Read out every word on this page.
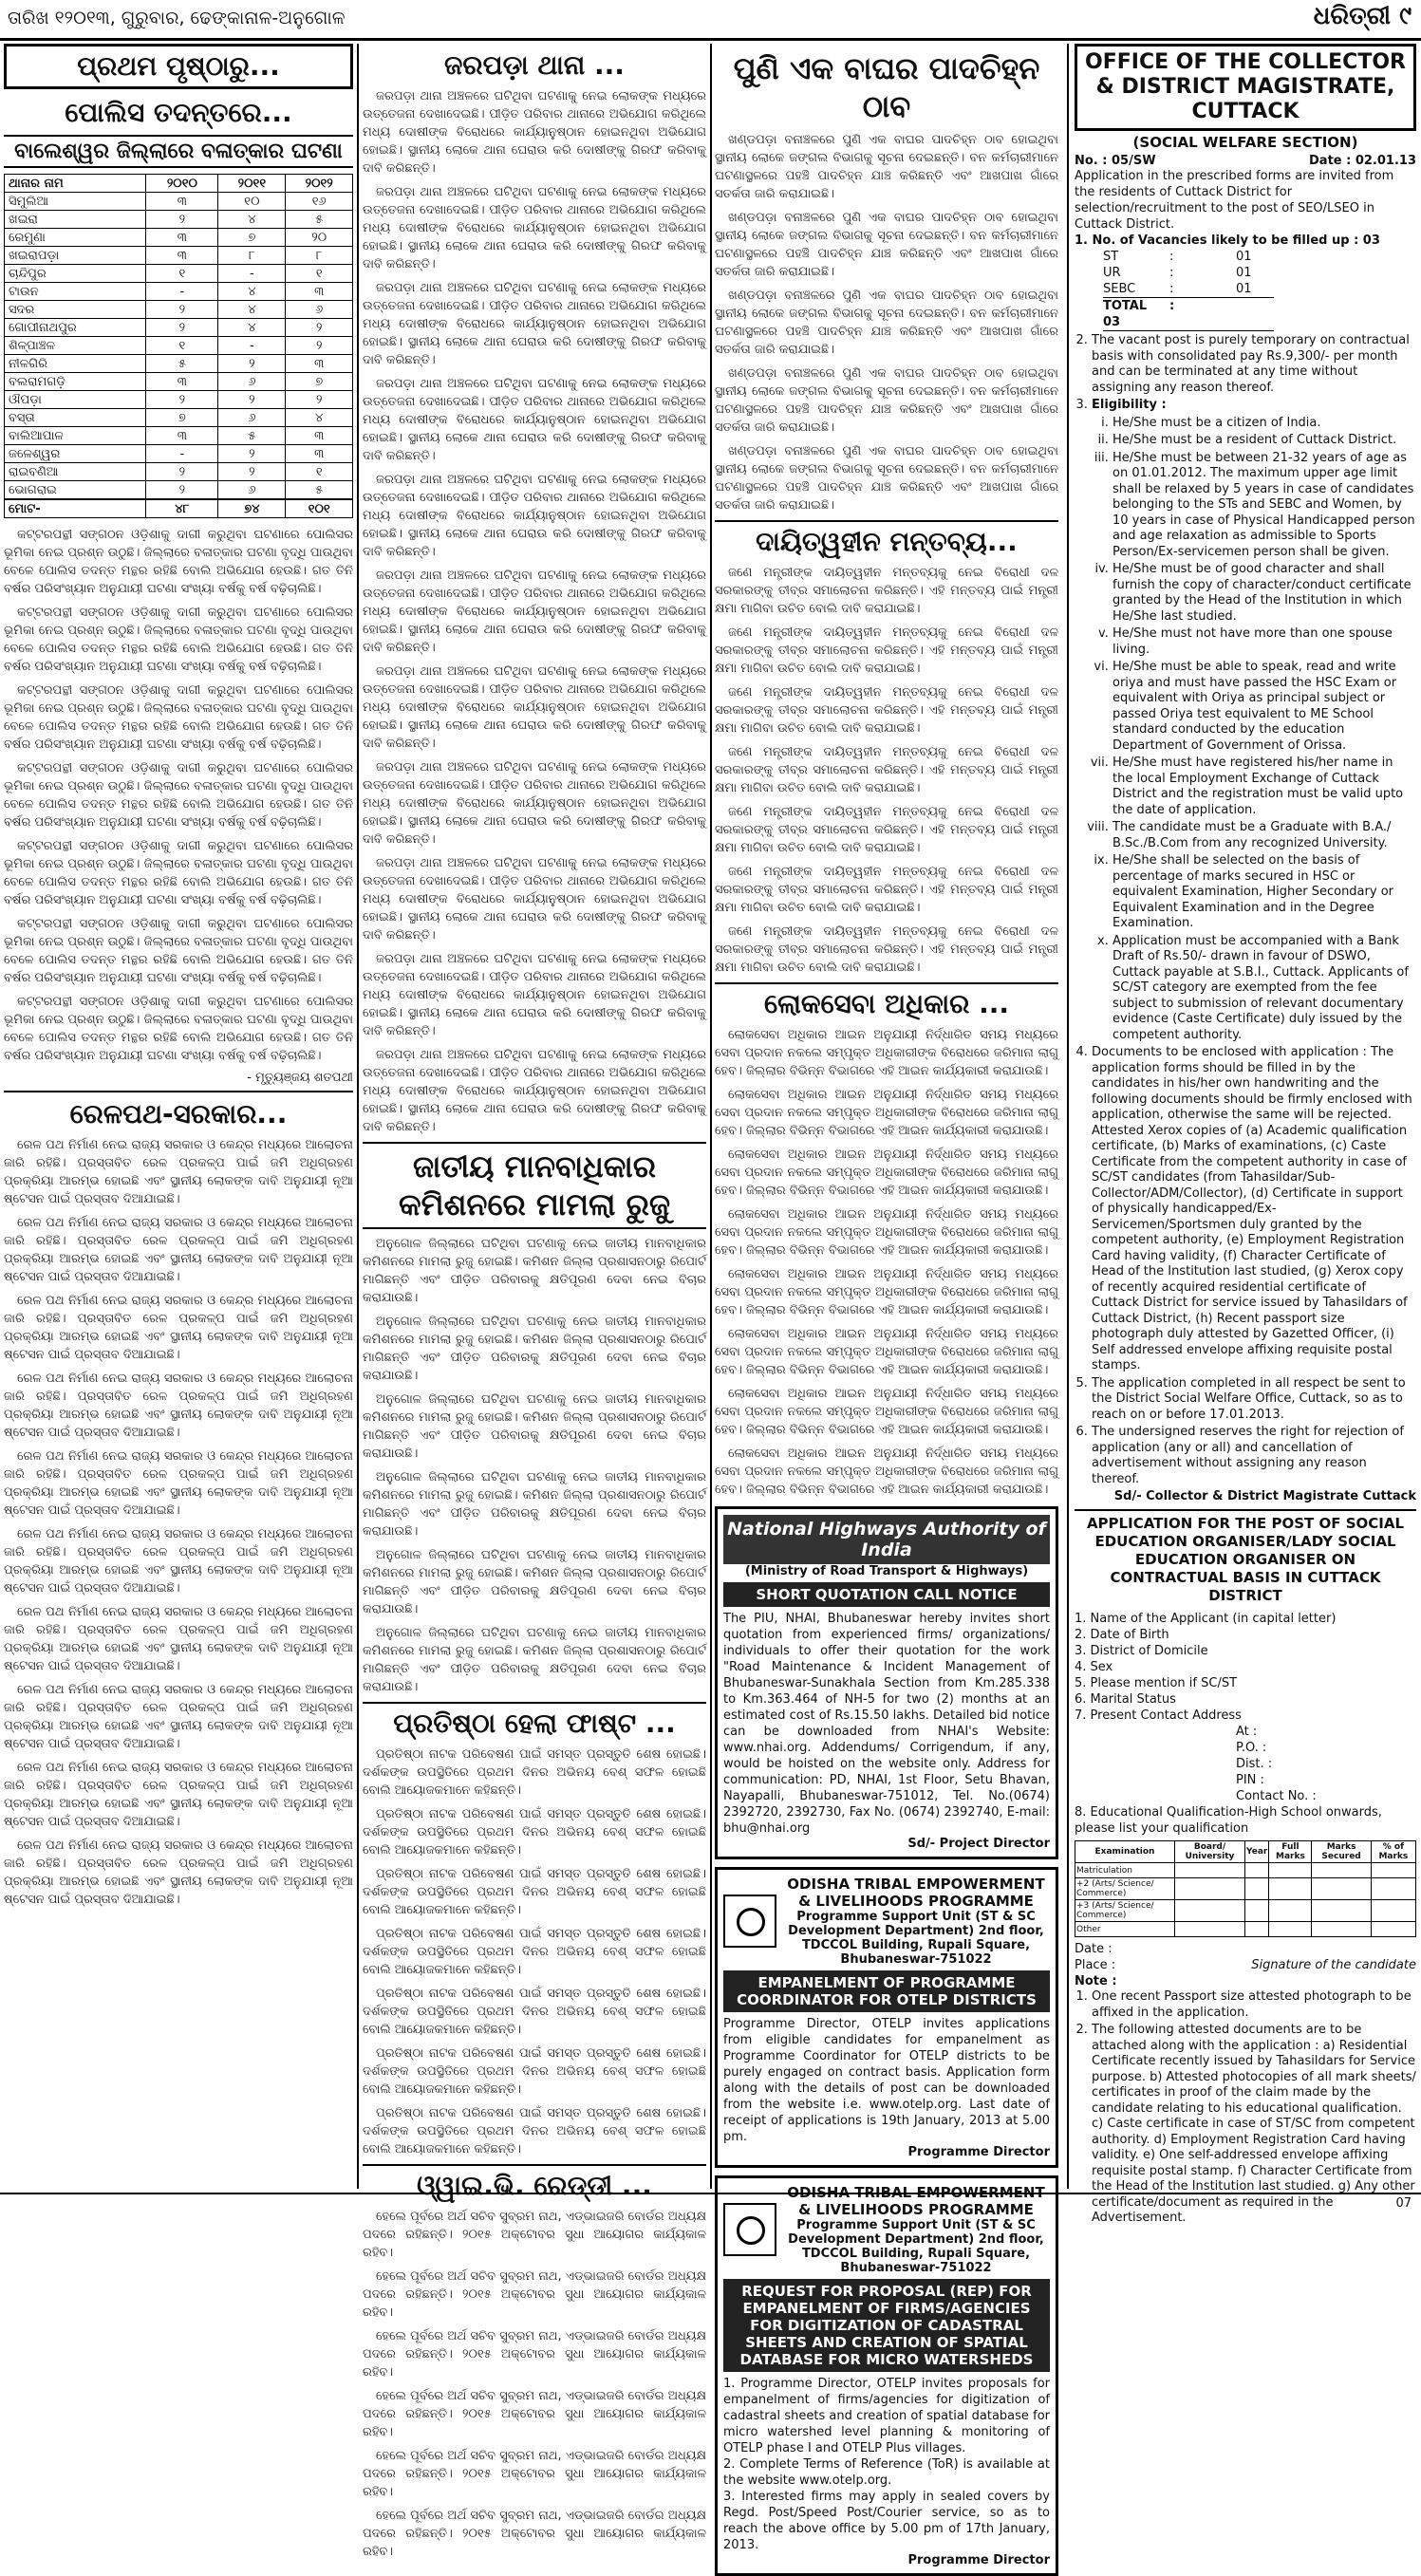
ତାରିଖ ୧୨୦୧୩, ଗୁରୁବାର, ଢେଙ୍କାନାଳ-ଅନୁଗୋଳ	ଧରିତ୍ରୀ ୯
ପ୍ରଥମ ପୃଷ୍ଠାରୁ...
ପୋଲିସ ତଦନ୍ତରେ...
ବାଲେଶ୍ୱର ଜିଲ୍ଲାରେ ବଳାତ୍କାର ଘଟଣା
ଥାନାର ନାମ	୨୦୧୦	୨୦୧୧	୨୦୧୨
ସିମୁଲିଆ	୩	୧୦	୧୬
ଖଇରା	୨	୪	୫
ରେମୁଣା	୩	୭	୨୦
ଖଇରାପଡ଼ା	୩	୮	୮
ଚାନ୍ଦିପୁର	୧	-	୧
ଟାଉନ	-	୪	୩
ସଦର	୨	୪	୬
ଗୋପୀନାଥପୁର	୨	୪	୨
ଶିଳ୍ପାଞ୍ଚଳ	୧	-	୨
ନୀଳଗିରି	୫	୨	୩
ବଲରାମଗଡ଼ି	୩	୬	୭
ଔପଡ଼ା	୨	୨	୨
ବସ୍ତା	୭	୬	୪
ବାଲିଆପାଳ	୩	୫	୩
ଜଳେଶ୍ୱର	-	୨	୩
ରାଇବଣିଆ	୨	୨	୧
ଭୋଗରାଇ	୨	୬	୫
ମୋଟ-	୪୮	୭୪	୧୦୧

କଟ୍ଟରପନ୍ଥୀ ସଙ୍ଗଠନ ଓଡ଼ିଶାକୁ ଦାଗୀ କରୁଥିବା ଘଟଣାରେ ପୋଲିସର ଭୂମିକା ନେଇ ପ୍ରଶ୍ନ ଉଠୁଛି। ଜିଲ୍ଲାରେ ବଳାତ୍କାର ଘଟଣା ବୃଦ୍ଧି ପାଉଥିବା ବେଳେ ପୋଲିସ ତଦନ୍ତ ମନ୍ଥର ରହିଛି ବୋଲି ଅଭିଯୋଗ ହେଉଛି। ଗତ ତିନି ବର୍ଷର ପରିସଂଖ୍ୟାନ ଅନୁଯାୟୀ ଘଟଣା ସଂଖ୍ୟା ବର୍ଷକୁ ବର୍ଷ ବଢ଼ିଚାଲିଛି।

କଟ୍ଟରପନ୍ଥୀ ସଙ୍ଗଠନ ଓଡ଼ିଶାକୁ ଦାଗୀ କରୁଥିବା ଘଟଣାରେ ପୋଲିସର ଭୂମିକା ନେଇ ପ୍ରଶ୍ନ ଉଠୁଛି। ଜିଲ୍ଲାରେ ବଳାତ୍କାର ଘଟଣା ବୃଦ୍ଧି ପାଉଥିବା ବେଳେ ପୋଲିସ ତଦନ୍ତ ମନ୍ଥର ରହିଛି ବୋଲି ଅଭିଯୋଗ ହେଉଛି। ଗତ ତିନି ବର୍ଷର ପରିସଂଖ୍ୟାନ ଅନୁଯାୟୀ ଘଟଣା ସଂଖ୍ୟା ବର୍ଷକୁ ବର୍ଷ ବଢ଼ିଚାଲିଛି।

କଟ୍ଟରପନ୍ଥୀ ସଙ୍ଗଠନ ଓଡ଼ିଶାକୁ ଦାଗୀ କରୁଥିବା ଘଟଣାରେ ପୋଲିସର ଭୂମିକା ନେଇ ପ୍ରଶ୍ନ ଉଠୁଛି। ଜିଲ୍ଲାରେ ବଳାତ୍କାର ଘଟଣା ବୃଦ୍ଧି ପାଉଥିବା ବେଳେ ପୋଲିସ ତଦନ୍ତ ମନ୍ଥର ରହିଛି ବୋଲି ଅଭିଯୋଗ ହେଉଛି। ଗତ ତିନି ବର୍ଷର ପରିସଂଖ୍ୟାନ ଅନୁଯାୟୀ ଘଟଣା ସଂଖ୍ୟା ବର୍ଷକୁ ବର୍ଷ ବଢ଼ିଚାଲିଛି।

କଟ୍ଟରପନ୍ଥୀ ସଙ୍ଗଠନ ଓଡ଼ିଶାକୁ ଦାଗୀ କରୁଥିବା ଘଟଣାରେ ପୋଲିସର ଭୂମିକା ନେଇ ପ୍ରଶ୍ନ ଉଠୁଛି। ଜିଲ୍ଲାରେ ବଳାତ୍କାର ଘଟଣା ବୃଦ୍ଧି ପାଉଥିବା ବେଳେ ପୋଲିସ ତଦନ୍ତ ମନ୍ଥର ରହିଛି ବୋଲି ଅଭିଯୋଗ ହେଉଛି। ଗତ ତିନି ବର୍ଷର ପରିସଂଖ୍ୟାନ ଅନୁଯାୟୀ ଘଟଣା ସଂଖ୍ୟା ବର୍ଷକୁ ବର୍ଷ ବଢ଼ିଚାଲିଛି।

କଟ୍ଟରପନ୍ଥୀ ସଙ୍ଗଠନ ଓଡ଼ିଶାକୁ ଦାଗୀ କରୁଥିବା ଘଟଣାରେ ପୋଲିସର ଭୂମିକା ନେଇ ପ୍ରଶ୍ନ ଉଠୁଛି। ଜିଲ୍ଲାରେ ବଳାତ୍କାର ଘଟଣା ବୃଦ୍ଧି ପାଉଥିବା ବେଳେ ପୋଲିସ ତଦନ୍ତ ମନ୍ଥର ରହିଛି ବୋଲି ଅଭିଯୋଗ ହେଉଛି। ଗତ ତିନି ବର୍ଷର ପରିସଂଖ୍ୟାନ ଅନୁଯାୟୀ ଘଟଣା ସଂଖ୍ୟା ବର୍ଷକୁ ବର୍ଷ ବଢ଼ିଚାଲିଛି।

କଟ୍ଟରପନ୍ଥୀ ସଙ୍ଗଠନ ଓଡ଼ିଶାକୁ ଦାଗୀ କରୁଥିବା ଘଟଣାରେ ପୋଲିସର ଭୂମିକା ନେଇ ପ୍ରଶ୍ନ ଉଠୁଛି। ଜିଲ୍ଲାରେ ବଳାତ୍କାର ଘଟଣା ବୃଦ୍ଧି ପାଉଥିବା ବେଳେ ପୋଲିସ ତଦନ୍ତ ମନ୍ଥର ରହିଛି ବୋଲି ଅଭିଯୋଗ ହେଉଛି। ଗତ ତିନି ବର୍ଷର ପରିସଂଖ୍ୟାନ ଅନୁଯାୟୀ ଘଟଣା ସଂଖ୍ୟା ବର୍ଷକୁ ବର୍ଷ ବଢ଼ିଚାଲିଛି।

କଟ୍ଟରପନ୍ଥୀ ସଙ୍ଗଠନ ଓଡ଼ିଶାକୁ ଦାଗୀ କରୁଥିବା ଘଟଣାରେ ପୋଲିସର ଭୂମିକା ନେଇ ପ୍ରଶ୍ନ ଉଠୁଛି। ଜିଲ୍ଲାରେ ବଳାତ୍କାର ଘଟଣା ବୃଦ୍ଧି ପାଉଥିବା ବେଳେ ପୋଲିସ ତଦନ୍ତ ମନ୍ଥର ରହିଛି ବୋଲି ଅଭିଯୋଗ ହେଉଛି। ଗତ ତିନି ବର୍ଷର ପରିସଂଖ୍ୟାନ ଅନୁଯାୟୀ ଘଟଣା ସଂଖ୍ୟା ବର୍ଷକୁ ବର୍ଷ ବଢ଼ିଚାଲିଛି।

- ମୃତ୍ୟୁଞ୍ଜୟ ଶତପଥୀ
ରେଳପଥ-ସରକାର...

ରେଳ ପଥ ନିର୍ମାଣ ନେଇ ରାଜ୍ୟ ସରକାର ଓ କେନ୍ଦ୍ର ମଧ୍ୟରେ ଆଲୋଚନା ଜାରି ରହିଛି। ପ୍ରସ୍ତାବିତ ରେଳ ପ୍ରକଳ୍ପ ପାଇଁ ଜମି ଅଧିଗ୍ରହଣ ପ୍ରକ୍ରିୟା ଆରମ୍ଭ ହୋଇଛି ଏବଂ ସ୍ଥାନୀୟ ଲୋକଙ୍କ ଦାବି ଅନୁଯାୟୀ ନୂଆ ଷ୍ଟେସନ ପାଇଁ ପ୍ରସ୍ତାବ ଦିଆଯାଇଛି।

ରେଳ ପଥ ନିର୍ମାଣ ନେଇ ରାଜ୍ୟ ସରକାର ଓ କେନ୍ଦ୍ର ମଧ୍ୟରେ ଆଲୋଚନା ଜାରି ରହିଛି। ପ୍ରସ୍ତାବିତ ରେଳ ପ୍ରକଳ୍ପ ପାଇଁ ଜମି ଅଧିଗ୍ରହଣ ପ୍ରକ୍ରିୟା ଆରମ୍ଭ ହୋଇଛି ଏବଂ ସ୍ଥାନୀୟ ଲୋକଙ୍କ ଦାବି ଅନୁଯାୟୀ ନୂଆ ଷ୍ଟେସନ ପାଇଁ ପ୍ରସ୍ତାବ ଦିଆଯାଇଛି।

ରେଳ ପଥ ନିର୍ମାଣ ନେଇ ରାଜ୍ୟ ସରକାର ଓ କେନ୍ଦ୍ର ମଧ୍ୟରେ ଆଲୋଚନା ଜାରି ରହିଛି। ପ୍ରସ୍ତାବିତ ରେଳ ପ୍ରକଳ୍ପ ପାଇଁ ଜମି ଅଧିଗ୍ରହଣ ପ୍ରକ୍ରିୟା ଆରମ୍ଭ ହୋଇଛି ଏବଂ ସ୍ଥାନୀୟ ଲୋକଙ୍କ ଦାବି ଅନୁଯାୟୀ ନୂଆ ଷ୍ଟେସନ ପାଇଁ ପ୍ରସ୍ତାବ ଦିଆଯାଇଛି।

ରେଳ ପଥ ନିର୍ମାଣ ନେଇ ରାଜ୍ୟ ସରକାର ଓ କେନ୍ଦ୍ର ମଧ୍ୟରେ ଆଲୋଚନା ଜାରି ରହିଛି। ପ୍ରସ୍ତାବିତ ରେଳ ପ୍ରକଳ୍ପ ପାଇଁ ଜମି ଅଧିଗ୍ରହଣ ପ୍ରକ୍ରିୟା ଆରମ୍ଭ ହୋଇଛି ଏବଂ ସ୍ଥାନୀୟ ଲୋକଙ୍କ ଦାବି ଅନୁଯାୟୀ ନୂଆ ଷ୍ଟେସନ ପାଇଁ ପ୍ରସ୍ତାବ ଦିଆଯାଇଛି।

ରେଳ ପଥ ନିର୍ମାଣ ନେଇ ରାଜ୍ୟ ସରକାର ଓ କେନ୍ଦ୍ର ମଧ୍ୟରେ ଆଲୋଚନା ଜାରି ରହିଛି। ପ୍ରସ୍ତାବିତ ରେଳ ପ୍ରକଳ୍ପ ପାଇଁ ଜମି ଅଧିଗ୍ରହଣ ପ୍ରକ୍ରିୟା ଆରମ୍ଭ ହୋଇଛି ଏବଂ ସ୍ଥାନୀୟ ଲୋକଙ୍କ ଦାବି ଅନୁଯାୟୀ ନୂଆ ଷ୍ଟେସନ ପାଇଁ ପ୍ରସ୍ତାବ ଦିଆଯାଇଛି।

ରେଳ ପଥ ନିର୍ମାଣ ନେଇ ରାଜ୍ୟ ସରକାର ଓ କେନ୍ଦ୍ର ମଧ୍ୟରେ ଆଲୋଚନା ଜାରି ରହିଛି। ପ୍ରସ୍ତାବିତ ରେଳ ପ୍ରକଳ୍ପ ପାଇଁ ଜମି ଅଧିଗ୍ରହଣ ପ୍ରକ୍ରିୟା ଆରମ୍ଭ ହୋଇଛି ଏବଂ ସ୍ଥାନୀୟ ଲୋକଙ୍କ ଦାବି ଅନୁଯାୟୀ ନୂଆ ଷ୍ଟେସନ ପାଇଁ ପ୍ରସ୍ତାବ ଦିଆଯାଇଛି।

ରେଳ ପଥ ନିର୍ମାଣ ନେଇ ରାଜ୍ୟ ସରକାର ଓ କେନ୍ଦ୍ର ମଧ୍ୟରେ ଆଲୋଚନା ଜାରି ରହିଛି। ପ୍ରସ୍ତାବିତ ରେଳ ପ୍ରକଳ୍ପ ପାଇଁ ଜମି ଅଧିଗ୍ରହଣ ପ୍ରକ୍ରିୟା ଆରମ୍ଭ ହୋଇଛି ଏବଂ ସ୍ଥାନୀୟ ଲୋକଙ୍କ ଦାବି ଅନୁଯାୟୀ ନୂଆ ଷ୍ଟେସନ ପାଇଁ ପ୍ରସ୍ତାବ ଦିଆଯାଇଛି।

ରେଳ ପଥ ନିର୍ମାଣ ନେଇ ରାଜ୍ୟ ସରକାର ଓ କେନ୍ଦ୍ର ମଧ୍ୟରେ ଆଲୋଚନା ଜାରି ରହିଛି। ପ୍ରସ୍ତାବିତ ରେଳ ପ୍ରକଳ୍ପ ପାଇଁ ଜମି ଅଧିଗ୍ରହଣ ପ୍ରକ୍ରିୟା ଆରମ୍ଭ ହୋଇଛି ଏବଂ ସ୍ଥାନୀୟ ଲୋକଙ୍କ ଦାବି ଅନୁଯାୟୀ ନୂଆ ଷ୍ଟେସନ ପାଇଁ ପ୍ରସ୍ତାବ ଦିଆଯାଇଛି।

ରେଳ ପଥ ନିର୍ମାଣ ନେଇ ରାଜ୍ୟ ସରକାର ଓ କେନ୍ଦ୍ର ମଧ୍ୟରେ ଆଲୋଚନା ଜାରି ରହିଛି। ପ୍ରସ୍ତାବିତ ରେଳ ପ୍ରକଳ୍ପ ପାଇଁ ଜମି ଅଧିଗ୍ରହଣ ପ୍ରକ୍ରିୟା ଆରମ୍ଭ ହୋଇଛି ଏବଂ ସ୍ଥାନୀୟ ଲୋକଙ୍କ ଦାବି ଅନୁଯାୟୀ ନୂଆ ଷ୍ଟେସନ ପାଇଁ ପ୍ରସ୍ତାବ ଦିଆଯାଇଛି।

ରେଳ ପଥ ନିର୍ମାଣ ନେଇ ରାଜ୍ୟ ସରକାର ଓ କେନ୍ଦ୍ର ମଧ୍ୟରେ ଆଲୋଚନା ଜାରି ରହିଛି। ପ୍ରସ୍ତାବିତ ରେଳ ପ୍ରକଳ୍ପ ପାଇଁ ଜମି ଅଧିଗ୍ରହଣ ପ୍ରକ୍ରିୟା ଆରମ୍ଭ ହୋଇଛି ଏବଂ ସ୍ଥାନୀୟ ଲୋକଙ୍କ ଦାବି ଅନୁଯାୟୀ ନୂଆ ଷ୍ଟେସନ ପାଇଁ ପ୍ରସ୍ତାବ ଦିଆଯାଇଛି।

ଜରପଡ଼ା ଥାନା ...

ଜରପଡ଼ା ଥାନା ଅଞ୍ଚଳରେ ଘଟିଥିବା ଘଟଣାକୁ ନେଇ ଲୋକଙ୍କ ମଧ୍ୟରେ ଉତ୍ତେଜନା ଦେଖାଦେଇଛି। ପୀଡ଼ିତ ପରିବାର ଥାନାରେ ଅଭିଯୋଗ କରିଥିଲେ ମଧ୍ୟ ଦୋଷୀଙ୍କ ବିରୋଧରେ କାର୍ଯ୍ୟାନୁଷ୍ଠାନ ହୋଇନଥିବା ଅଭିଯୋଗ ହୋଇଛି। ସ୍ଥାନୀୟ ଲୋକେ ଥାନା ଘେରାଉ କରି ଦୋଷୀଙ୍କୁ ଗିରଫ କରିବାକୁ ଦାବି କରିଛନ୍ତି।

ଜରପଡ଼ା ଥାନା ଅଞ୍ଚଳରେ ଘଟିଥିବା ଘଟଣାକୁ ନେଇ ଲୋକଙ୍କ ମଧ୍ୟରେ ଉତ୍ତେଜନା ଦେଖାଦେଇଛି। ପୀଡ଼ିତ ପରିବାର ଥାନାରେ ଅଭିଯୋଗ କରିଥିଲେ ମଧ୍ୟ ଦୋଷୀଙ୍କ ବିରୋଧରେ କାର୍ଯ୍ୟାନୁଷ୍ଠାନ ହୋଇନଥିବା ଅଭିଯୋଗ ହୋଇଛି। ସ୍ଥାନୀୟ ଲୋକେ ଥାନା ଘେରାଉ କରି ଦୋଷୀଙ୍କୁ ଗିରଫ କରିବାକୁ ଦାବି କରିଛନ୍ତି।

ଜରପଡ଼ା ଥାନା ଅଞ୍ଚଳରେ ଘଟିଥିବା ଘଟଣାକୁ ନେଇ ଲୋକଙ୍କ ମଧ୍ୟରେ ଉତ୍ତେଜନା ଦେଖାଦେଇଛି। ପୀଡ଼ିତ ପରିବାର ଥାନାରେ ଅଭିଯୋଗ କରିଥିଲେ ମଧ୍ୟ ଦୋଷୀଙ୍କ ବିରୋଧରେ କାର୍ଯ୍ୟାନୁଷ୍ଠାନ ହୋଇନଥିବା ଅଭିଯୋଗ ହୋଇଛି। ସ୍ଥାନୀୟ ଲୋକେ ଥାନା ଘେରାଉ କରି ଦୋଷୀଙ୍କୁ ଗିରଫ କରିବାକୁ ଦାବି କରିଛନ୍ତି।

ଜରପଡ଼ା ଥାନା ଅଞ୍ଚଳରେ ଘଟିଥିବା ଘଟଣାକୁ ନେଇ ଲୋକଙ୍କ ମଧ୍ୟରେ ଉତ୍ତେଜନା ଦେଖାଦେଇଛି। ପୀଡ଼ିତ ପରିବାର ଥାନାରେ ଅଭିଯୋଗ କରିଥିଲେ ମଧ୍ୟ ଦୋଷୀଙ୍କ ବିରୋଧରେ କାର୍ଯ୍ୟାନୁଷ୍ଠାନ ହୋଇନଥିବା ଅଭିଯୋଗ ହୋଇଛି। ସ୍ଥାନୀୟ ଲୋକେ ଥାନା ଘେରାଉ କରି ଦୋଷୀଙ୍କୁ ଗିରଫ କରିବାକୁ ଦାବି କରିଛନ୍ତି।

ଜରପଡ଼ା ଥାନା ଅଞ୍ଚଳରେ ଘଟିଥିବା ଘଟଣାକୁ ନେଇ ଲୋକଙ୍କ ମଧ୍ୟରେ ଉତ୍ତେଜନା ଦେଖାଦେଇଛି। ପୀଡ଼ିତ ପରିବାର ଥାନାରେ ଅଭିଯୋଗ କରିଥିଲେ ମଧ୍ୟ ଦୋଷୀଙ୍କ ବିରୋଧରେ କାର୍ଯ୍ୟାନୁଷ୍ଠାନ ହୋଇନଥିବା ଅଭିଯୋଗ ହୋଇଛି। ସ୍ଥାନୀୟ ଲୋକେ ଥାନା ଘେରାଉ କରି ଦୋଷୀଙ୍କୁ ଗିରଫ କରିବାକୁ ଦାବି କରିଛନ୍ତି।

ଜରପଡ଼ା ଥାନା ଅଞ୍ଚଳରେ ଘଟିଥିବା ଘଟଣାକୁ ନେଇ ଲୋକଙ୍କ ମଧ୍ୟରେ ଉତ୍ତେଜନା ଦେଖାଦେଇଛି। ପୀଡ଼ିତ ପରିବାର ଥାନାରେ ଅଭିଯୋଗ କରିଥିଲେ ମଧ୍ୟ ଦୋଷୀଙ୍କ ବିରୋଧରେ କାର୍ଯ୍ୟାନୁଷ୍ଠାନ ହୋଇନଥିବା ଅଭିଯୋଗ ହୋଇଛି। ସ୍ଥାନୀୟ ଲୋକେ ଥାନା ଘେରାଉ କରି ଦୋଷୀଙ୍କୁ ଗିରଫ କରିବାକୁ ଦାବି କରିଛନ୍ତି।

ଜରପଡ଼ା ଥାନା ଅଞ୍ଚଳରେ ଘଟିଥିବା ଘଟଣାକୁ ନେଇ ଲୋକଙ୍କ ମଧ୍ୟରେ ଉତ୍ତେଜନା ଦେଖାଦେଇଛି। ପୀଡ଼ିତ ପରିବାର ଥାନାରେ ଅଭିଯୋଗ କରିଥିଲେ ମଧ୍ୟ ଦୋଷୀଙ୍କ ବିରୋଧରେ କାର୍ଯ୍ୟାନୁଷ୍ଠାନ ହୋଇନଥିବା ଅଭିଯୋଗ ହୋଇଛି। ସ୍ଥାନୀୟ ଲୋକେ ଥାନା ଘେରାଉ କରି ଦୋଷୀଙ୍କୁ ଗିରଫ କରିବାକୁ ଦାବି କରିଛନ୍ତି।

ଜରପଡ଼ା ଥାନା ଅଞ୍ଚଳରେ ଘଟିଥିବା ଘଟଣାକୁ ନେଇ ଲୋକଙ୍କ ମଧ୍ୟରେ ଉତ୍ତେଜନା ଦେଖାଦେଇଛି। ପୀଡ଼ିତ ପରିବାର ଥାନାରେ ଅଭିଯୋଗ କରିଥିଲେ ମଧ୍ୟ ଦୋଷୀଙ୍କ ବିରୋଧରେ କାର୍ଯ୍ୟାନୁଷ୍ଠାନ ହୋଇନଥିବା ଅଭିଯୋଗ ହୋଇଛି। ସ୍ଥାନୀୟ ଲୋକେ ଥାନା ଘେରାଉ କରି ଦୋଷୀଙ୍କୁ ଗିରଫ କରିବାକୁ ଦାବି କରିଛନ୍ତି।

ଜରପଡ଼ା ଥାନା ଅଞ୍ଚଳରେ ଘଟିଥିବା ଘଟଣାକୁ ନେଇ ଲୋକଙ୍କ ମଧ୍ୟରେ ଉତ୍ତେଜନା ଦେଖାଦେଇଛି। ପୀଡ଼ିତ ପରିବାର ଥାନାରେ ଅଭିଯୋଗ କରିଥିଲେ ମଧ୍ୟ ଦୋଷୀଙ୍କ ବିରୋଧରେ କାର୍ଯ୍ୟାନୁଷ୍ଠାନ ହୋଇନଥିବା ଅଭିଯୋଗ ହୋଇଛି। ସ୍ଥାନୀୟ ଲୋକେ ଥାନା ଘେରାଉ କରି ଦୋଷୀଙ୍କୁ ଗିରଫ କରିବାକୁ ଦାବି କରିଛନ୍ତି।

ଜରପଡ଼ା ଥାନା ଅଞ୍ଚଳରେ ଘଟିଥିବା ଘଟଣାକୁ ନେଇ ଲୋକଙ୍କ ମଧ୍ୟରେ ଉତ୍ତେଜନା ଦେଖାଦେଇଛି। ପୀଡ଼ିତ ପରିବାର ଥାନାରେ ଅଭିଯୋଗ କରିଥିଲେ ମଧ୍ୟ ଦୋଷୀଙ୍କ ବିରୋଧରେ କାର୍ଯ୍ୟାନୁଷ୍ଠାନ ହୋଇନଥିବା ଅଭିଯୋଗ ହୋଇଛି। ସ୍ଥାନୀୟ ଲୋକେ ଥାନା ଘେରାଉ କରି ଦୋଷୀଙ୍କୁ ଗିରଫ କରିବାକୁ ଦାବି କରିଛନ୍ତି।

ଜରପଡ଼ା ଥାନା ଅଞ୍ଚଳରେ ଘଟିଥିବା ଘଟଣାକୁ ନେଇ ଲୋକଙ୍କ ମଧ୍ୟରେ ଉତ୍ତେଜନା ଦେଖାଦେଇଛି। ପୀଡ଼ିତ ପରିବାର ଥାନାରେ ଅଭିଯୋଗ କରିଥିଲେ ମଧ୍ୟ ଦୋଷୀଙ୍କ ବିରୋଧରେ କାର୍ଯ୍ୟାନୁଷ୍ଠାନ ହୋଇନଥିବା ଅଭିଯୋଗ ହୋଇଛି। ସ୍ଥାନୀୟ ଲୋକେ ଥାନା ଘେରାଉ କରି ଦୋଷୀଙ୍କୁ ଗିରଫ କରିବାକୁ ଦାବି କରିଛନ୍ତି।

ଜାତୀୟ ମାନବାଧିକାର କମିଶନରେ ମାମଲା ରୁଜୁ

ଅନୁଗୋଳ ଜିଲ୍ଲାରେ ଘଟିଥିବା ଘଟଣାକୁ ନେଇ ଜାତୀୟ ମାନବାଧିକାର କମିଶନରେ ମାମଲା ରୁଜୁ ହୋଇଛି। କମିଶନ ଜିଲ୍ଲା ପ୍ରଶାସନଠାରୁ ରିପୋର୍ଟ ମାଗିଛନ୍ତି ଏବଂ ପୀଡ଼ିତ ପରିବାରକୁ କ୍ଷତିପୂରଣ ଦେବା ନେଇ ବିଚାର କରାଯାଉଛି।

ଅନୁଗୋଳ ଜିଲ୍ଲାରେ ଘଟିଥିବା ଘଟଣାକୁ ନେଇ ଜାତୀୟ ମାନବାଧିକାର କମିଶନରେ ମାମଲା ରୁଜୁ ହୋଇଛି। କମିଶନ ଜିଲ୍ଲା ପ୍ରଶାସନଠାରୁ ରିପୋର୍ଟ ମାଗିଛନ୍ତି ଏବଂ ପୀଡ଼ିତ ପରିବାରକୁ କ୍ଷତିପୂରଣ ଦେବା ନେଇ ବିଚାର କରାଯାଉଛି।

ଅନୁଗୋଳ ଜିଲ୍ଲାରେ ଘଟିଥିବା ଘଟଣାକୁ ନେଇ ଜାତୀୟ ମାନବାଧିକାର କମିଶନରେ ମାମଲା ରୁଜୁ ହୋଇଛି। କମିଶନ ଜିଲ୍ଲା ପ୍ରଶାସନଠାରୁ ରିପୋର୍ଟ ମାଗିଛନ୍ତି ଏବଂ ପୀଡ଼ିତ ପରିବାରକୁ କ୍ଷତିପୂରଣ ଦେବା ନେଇ ବିଚାର କରାଯାଉଛି।

ଅନୁଗୋଳ ଜିଲ୍ଲାରେ ଘଟିଥିବା ଘଟଣାକୁ ନେଇ ଜାତୀୟ ମାନବାଧିକାର କମିଶନରେ ମାମଲା ରୁଜୁ ହୋଇଛି। କମିଶନ ଜିଲ୍ଲା ପ୍ରଶାସନଠାରୁ ରିପୋର୍ଟ ମାଗିଛନ୍ତି ଏବଂ ପୀଡ଼ିତ ପରିବାରକୁ କ୍ଷତିପୂରଣ ଦେବା ନେଇ ବିଚାର କରାଯାଉଛି।

ଅନୁଗୋଳ ଜିଲ୍ଲାରେ ଘଟିଥିବା ଘଟଣାକୁ ନେଇ ଜାତୀୟ ମାନବାଧିକାର କମିଶନରେ ମାମଲା ରୁଜୁ ହୋଇଛି। କମିଶନ ଜିଲ୍ଲା ପ୍ରଶାସନଠାରୁ ରିପୋର୍ଟ ମାଗିଛନ୍ତି ଏବଂ ପୀଡ଼ିତ ପରିବାରକୁ କ୍ଷତିପୂରଣ ଦେବା ନେଇ ବିଚାର କରାଯାଉଛି।

ଅନୁଗୋଳ ଜିଲ୍ଲାରେ ଘଟିଥିବା ଘଟଣାକୁ ନେଇ ଜାତୀୟ ମାନବାଧିକାର କମିଶନରେ ମାମଲା ରୁଜୁ ହୋଇଛି। କମିଶନ ଜିଲ୍ଲା ପ୍ରଶାସନଠାରୁ ରିପୋର୍ଟ ମାଗିଛନ୍ତି ଏବଂ ପୀଡ଼ିତ ପରିବାରକୁ କ୍ଷତିପୂରଣ ଦେବା ନେଇ ବିଚାର କରାଯାଉଛି।

ପ୍ରତିଷ୍ଠା ହେଲା ଫାଷ୍ଟ ...

ପ୍ରତିଷ୍ଠା ନାଟକ ପରିବେଷଣ ପାଇଁ ସମସ୍ତ ପ୍ରସ୍ତୁତି ଶେଷ ହୋଇଛି। ଦର୍ଶକଙ୍କ ଉପସ୍ଥିତିରେ ପ୍ରଥମ ଦିନର ଅଭିନୟ ବେଶ୍ ସଫଳ ହୋଇଛି ବୋଲି ଆୟୋଜକମାନେ କହିଛନ୍ତି।

ପ୍ରତିଷ୍ଠା ନାଟକ ପରିବେଷଣ ପାଇଁ ସମସ୍ତ ପ୍ରସ୍ତୁତି ଶେଷ ହୋଇଛି। ଦର୍ଶକଙ୍କ ଉପସ୍ଥିତିରେ ପ୍ରଥମ ଦିନର ଅଭିନୟ ବେଶ୍ ସଫଳ ହୋଇଛି ବୋଲି ଆୟୋଜକମାନେ କହିଛନ୍ତି।

ପ୍ରତିଷ୍ଠା ନାଟକ ପରିବେଷଣ ପାଇଁ ସମସ୍ତ ପ୍ରସ୍ତୁତି ଶେଷ ହୋଇଛି। ଦର୍ଶକଙ୍କ ଉପସ୍ଥିତିରେ ପ୍ରଥମ ଦିନର ଅଭିନୟ ବେଶ୍ ସଫଳ ହୋଇଛି ବୋଲି ଆୟୋଜକମାନେ କହିଛନ୍ତି।

ପ୍ରତିଷ୍ଠା ନାଟକ ପରିବେଷଣ ପାଇଁ ସମସ୍ତ ପ୍ରସ୍ତୁତି ଶେଷ ହୋଇଛି। ଦର୍ଶକଙ୍କ ଉପସ୍ଥିତିରେ ପ୍ରଥମ ଦିନର ଅଭିନୟ ବେଶ୍ ସଫଳ ହୋଇଛି ବୋଲି ଆୟୋଜକମାନେ କହିଛନ୍ତି।

ପ୍ରତିଷ୍ଠା ନାଟକ ପରିବେଷଣ ପାଇଁ ସମସ୍ତ ପ୍ରସ୍ତୁତି ଶେଷ ହୋଇଛି। ଦର୍ଶକଙ୍କ ଉପସ୍ଥିତିରେ ପ୍ରଥମ ଦିନର ଅଭିନୟ ବେଶ୍ ସଫଳ ହୋଇଛି ବୋଲି ଆୟୋଜକମାନେ କହିଛନ୍ତି।

ପ୍ରତିଷ୍ଠା ନାଟକ ପରିବେଷଣ ପାଇଁ ସମସ୍ତ ପ୍ରସ୍ତୁତି ଶେଷ ହୋଇଛି। ଦର୍ଶକଙ୍କ ଉପସ୍ଥିତିରେ ପ୍ରଥମ ଦିନର ଅଭିନୟ ବେଶ୍ ସଫଳ ହୋଇଛି ବୋଲି ଆୟୋଜକମାନେ କହିଛନ୍ତି।

ପ୍ରତିଷ୍ଠା ନାଟକ ପରିବେଷଣ ପାଇଁ ସମସ୍ତ ପ୍ରସ୍ତୁତି ଶେଷ ହୋଇଛି। ଦର୍ଶକଙ୍କ ଉପସ୍ଥିତିରେ ପ୍ରଥମ ଦିନର ଅଭିନୟ ବେଶ୍ ସଫଳ ହୋଇଛି ବୋଲି ଆୟୋଜକମାନେ କହିଛନ୍ତି।

ଓ୍ୱାଇ.ଭି. ରେଡ୍ଡୀ ...

ହେଲେ ପୂର୍ବରେ ଅର୍ଥ ସଚିବ ସୁବ୍ରମ ନାଥ, ଏଡ୍‌ଭାଇଜରି ବୋର୍ଡର ଅଧ୍ୟକ୍ଷ ପଦରେ ରହିଛନ୍ତି। ୨୦୧୫ ଅକ୍ଟୋବର ସୁଧା ଆୟୋଗର କାର୍ଯ୍ୟକାଳ ରହିବ।

ହେଲେ ପୂର୍ବରେ ଅର୍ଥ ସଚିବ ସୁବ୍ରମ ନାଥ, ଏଡ୍‌ଭାଇଜରି ବୋର୍ଡର ଅଧ୍ୟକ୍ଷ ପଦରେ ରହିଛନ୍ତି। ୨୦୧୫ ଅକ୍ଟୋବର ସୁଧା ଆୟୋଗର କାର୍ଯ୍ୟକାଳ ରହିବ।

ହେଲେ ପୂର୍ବରେ ଅର୍ଥ ସଚିବ ସୁବ୍ରମ ନାଥ, ଏଡ୍‌ଭାଇଜରି ବୋର୍ଡର ଅଧ୍ୟକ୍ଷ ପଦରେ ରହିଛନ୍ତି। ୨୦୧୫ ଅକ୍ଟୋବର ସୁଧା ଆୟୋଗର କାର୍ଯ୍ୟକାଳ ରହିବ।

ହେଲେ ପୂର୍ବରେ ଅର୍ଥ ସଚିବ ସୁବ୍ରମ ନାଥ, ଏଡ୍‌ଭାଇଜରି ବୋର୍ଡର ଅଧ୍ୟକ୍ଷ ପଦରେ ରହିଛନ୍ତି। ୨୦୧୫ ଅକ୍ଟୋବର ସୁଧା ଆୟୋଗର କାର୍ଯ୍ୟକାଳ ରହିବ।

ହେଲେ ପୂର୍ବରେ ଅର୍ଥ ସଚିବ ସୁବ୍ରମ ନାଥ, ଏଡ୍‌ଭାଇଜରି ବୋର୍ଡର ଅଧ୍ୟକ୍ଷ ପଦରେ ରହିଛନ୍ତି। ୨୦୧୫ ଅକ୍ଟୋବର ସୁଧା ଆୟୋଗର କାର୍ଯ୍ୟକାଳ ରହିବ।

ହେଲେ ପୂର୍ବରେ ଅର୍ଥ ସଚିବ ସୁବ୍ରମ ନାଥ, ଏଡ୍‌ଭାଇଜରି ବୋର୍ଡର ଅଧ୍ୟକ୍ଷ ପଦରେ ରହିଛନ୍ତି। ୨୦୧୫ ଅକ୍ଟୋବର ସୁଧା ଆୟୋଗର କାର୍ଯ୍ୟକାଳ ରହିବ।

ପୁଣି ଏକ ବାଘର ପାଦଚିହ୍ନ ଠାବ

ଖଣ୍ଡପଡ଼ା ବନାଞ୍ଚଳରେ ପୁଣି ଏକ ବାଘର ପାଦଚିହ୍ନ ଠାବ ହୋଇଥିବା ସ୍ଥାନୀୟ ଲୋକେ ଜଙ୍ଗଲ ବିଭାଗକୁ ସୂଚନା ଦେଇଛନ୍ତି। ବନ କର୍ମଚାରୀମାନେ ଘଟଣାସ୍ଥଳରେ ପହଞ୍ଚି ପାଦଚିହ୍ନ ଯାଞ୍ଚ କରିଛନ୍ତି ଏବଂ ଆଖପାଖ ଗାଁରେ ସତର୍କତା ଜାରି କରାଯାଇଛି।

ଖଣ୍ଡପଡ଼ା ବନାଞ୍ଚଳରେ ପୁଣି ଏକ ବାଘର ପାଦଚିହ୍ନ ଠାବ ହୋଇଥିବା ସ୍ଥାନୀୟ ଲୋକେ ଜଙ୍ଗଲ ବିଭାଗକୁ ସୂଚନା ଦେଇଛନ୍ତି। ବନ କର୍ମଚାରୀମାନେ ଘଟଣାସ୍ଥଳରେ ପହଞ୍ଚି ପାଦଚିହ୍ନ ଯାଞ୍ଚ କରିଛନ୍ତି ଏବଂ ଆଖପାଖ ଗାଁରେ ସତର୍କତା ଜାରି କରାଯାଇଛି।

ଖଣ୍ଡପଡ଼ା ବନାଞ୍ଚଳରେ ପୁଣି ଏକ ବାଘର ପାଦଚିହ୍ନ ଠାବ ହୋଇଥିବା ସ୍ଥାନୀୟ ଲୋକେ ଜଙ୍ଗଲ ବିଭାଗକୁ ସୂଚନା ଦେଇଛନ୍ତି। ବନ କର୍ମଚାରୀମାନେ ଘଟଣାସ୍ଥଳରେ ପହଞ୍ଚି ପାଦଚିହ୍ନ ଯାଞ୍ଚ କରିଛନ୍ତି ଏବଂ ଆଖପାଖ ଗାଁରେ ସତର୍କତା ଜାରି କରାଯାଇଛି।

ଖଣ୍ଡପଡ଼ା ବନାଞ୍ଚଳରେ ପୁଣି ଏକ ବାଘର ପାଦଚିହ୍ନ ଠାବ ହୋଇଥିବା ସ୍ଥାନୀୟ ଲୋକେ ଜଙ୍ଗଲ ବିଭାଗକୁ ସୂଚନା ଦେଇଛନ୍ତି। ବନ କର୍ମଚାରୀମାନେ ଘଟଣାସ୍ଥଳରେ ପହଞ୍ଚି ପାଦଚିହ୍ନ ଯାଞ୍ଚ କରିଛନ୍ତି ଏବଂ ଆଖପାଖ ଗାଁରେ ସତର୍କତା ଜାରି କରାଯାଇଛି।

ଖଣ୍ଡପଡ଼ା ବନାଞ୍ଚଳରେ ପୁଣି ଏକ ବାଘର ପାଦଚିହ୍ନ ଠାବ ହୋଇଥିବା ସ୍ଥାନୀୟ ଲୋକେ ଜଙ୍ଗଲ ବିଭାଗକୁ ସୂଚନା ଦେଇଛନ୍ତି। ବନ କର୍ମଚାରୀମାନେ ଘଟଣାସ୍ଥଳରେ ପହଞ୍ଚି ପାଦଚିହ୍ନ ଯାଞ୍ଚ କରିଛନ୍ତି ଏବଂ ଆଖପାଖ ଗାଁରେ ସତର୍କତା ଜାରି କରାଯାଇଛି।

ଦାୟିତ୍ୱହୀନ ମନ୍ତବ୍ୟ...

ଜଣେ ମନ୍ତ୍ରୀଙ୍କ ଦାୟିତ୍ୱହୀନ ମନ୍ତବ୍ୟକୁ ନେଇ ବିରୋଧୀ ଦଳ ସରକାରଙ୍କୁ ତୀବ୍ର ସମାଲୋଚନା କରିଛନ୍ତି। ଏହି ମନ୍ତବ୍ୟ ପାଇଁ ମନ୍ତ୍ରୀ କ୍ଷମା ମାଗିବା ଉଚିତ ବୋଲି ଦାବି କରାଯାଇଛି।

ଜଣେ ମନ୍ତ୍ରୀଙ୍କ ଦାୟିତ୍ୱହୀନ ମନ୍ତବ୍ୟକୁ ନେଇ ବିରୋଧୀ ଦଳ ସରକାରଙ୍କୁ ତୀବ୍ର ସମାଲୋଚନା କରିଛନ୍ତି। ଏହି ମନ୍ତବ୍ୟ ପାଇଁ ମନ୍ତ୍ରୀ କ୍ଷମା ମାଗିବା ଉଚିତ ବୋଲି ଦାବି କରାଯାଇଛି।

ଜଣେ ମନ୍ତ୍ରୀଙ୍କ ଦାୟିତ୍ୱହୀନ ମନ୍ତବ୍ୟକୁ ନେଇ ବିରୋଧୀ ଦଳ ସରକାରଙ୍କୁ ତୀବ୍ର ସମାଲୋଚନା କରିଛନ୍ତି। ଏହି ମନ୍ତବ୍ୟ ପାଇଁ ମନ୍ତ୍ରୀ କ୍ଷମା ମାଗିବା ଉଚିତ ବୋଲି ଦାବି କରାଯାଇଛି।

ଜଣେ ମନ୍ତ୍ରୀଙ୍କ ଦାୟିତ୍ୱହୀନ ମନ୍ତବ୍ୟକୁ ନେଇ ବିରୋଧୀ ଦଳ ସରକାରଙ୍କୁ ତୀବ୍ର ସମାଲୋଚନା କରିଛନ୍ତି। ଏହି ମନ୍ତବ୍ୟ ପାଇଁ ମନ୍ତ୍ରୀ କ୍ଷମା ମାଗିବା ଉଚିତ ବୋଲି ଦାବି କରାଯାଇଛି।

ଜଣେ ମନ୍ତ୍ରୀଙ୍କ ଦାୟିତ୍ୱହୀନ ମନ୍ତବ୍ୟକୁ ନେଇ ବିରୋଧୀ ଦଳ ସରକାରଙ୍କୁ ତୀବ୍ର ସମାଲୋଚନା କରିଛନ୍ତି। ଏହି ମନ୍ତବ୍ୟ ପାଇଁ ମନ୍ତ୍ରୀ କ୍ଷମା ମାଗିବା ଉଚିତ ବୋଲି ଦାବି କରାଯାଇଛି।

ଜଣେ ମନ୍ତ୍ରୀଙ୍କ ଦାୟିତ୍ୱହୀନ ମନ୍ତବ୍ୟକୁ ନେଇ ବିରୋଧୀ ଦଳ ସରକାରଙ୍କୁ ତୀବ୍ର ସମାଲୋଚନା କରିଛନ୍ତି। ଏହି ମନ୍ତବ୍ୟ ପାଇଁ ମନ୍ତ୍ରୀ କ୍ଷମା ମାଗିବା ଉଚିତ ବୋଲି ଦାବି କରାଯାଇଛି।

ଜଣେ ମନ୍ତ୍ରୀଙ୍କ ଦାୟିତ୍ୱହୀନ ମନ୍ତବ୍ୟକୁ ନେଇ ବିରୋଧୀ ଦଳ ସରକାରଙ୍କୁ ତୀବ୍ର ସମାଲୋଚନା କରିଛନ୍ତି। ଏହି ମନ୍ତବ୍ୟ ପାଇଁ ମନ୍ତ୍ରୀ କ୍ଷମା ମାଗିବା ଉଚିତ ବୋଲି ଦାବି କରାଯାଇଛି।

ଲୋକସେବା ଅଧିକାର ...

ଲୋକସେବା ଅଧିକାର ଆଇନ ଅନୁଯାୟୀ ନିର୍ଦ୍ଧାରିତ ସମୟ ମଧ୍ୟରେ ସେବା ପ୍ରଦାନ ନକଲେ ସମ୍ପୃକ୍ତ ଅଧିକାରୀଙ୍କ ବିରୋଧରେ ଜରିମାନା ଲାଗୁ ହେବ। ଜିଲ୍ଲାର ବିଭିନ୍ନ ବିଭାଗରେ ଏହି ଆଇନ କାର୍ଯ୍ୟକାରୀ କରାଯାଉଛି।

ଲୋକସେବା ଅଧିକାର ଆଇନ ଅନୁଯାୟୀ ନିର୍ଦ୍ଧାରିତ ସମୟ ମଧ୍ୟରେ ସେବା ପ୍ରଦାନ ନକଲେ ସମ୍ପୃକ୍ତ ଅଧିକାରୀଙ୍କ ବିରୋଧରେ ଜରିମାନା ଲାଗୁ ହେବ। ଜିଲ୍ଲାର ବିଭିନ୍ନ ବିଭାଗରେ ଏହି ଆଇନ କାର୍ଯ୍ୟକାରୀ କରାଯାଉଛି।

ଲୋକସେବା ଅଧିକାର ଆଇନ ଅନୁଯାୟୀ ନିର୍ଦ୍ଧାରିତ ସମୟ ମଧ୍ୟରେ ସେବା ପ୍ରଦାନ ନକଲେ ସମ୍ପୃକ୍ତ ଅଧିକାରୀଙ୍କ ବିରୋଧରେ ଜରିମାନା ଲାଗୁ ହେବ। ଜିଲ୍ଲାର ବିଭିନ୍ନ ବିଭାଗରେ ଏହି ଆଇନ କାର୍ଯ୍ୟକାରୀ କରାଯାଉଛି।

ଲୋକସେବା ଅଧିକାର ଆଇନ ଅନୁଯାୟୀ ନିର୍ଦ୍ଧାରିତ ସମୟ ମଧ୍ୟରେ ସେବା ପ୍ରଦାନ ନକଲେ ସମ୍ପୃକ୍ତ ଅଧିକାରୀଙ୍କ ବିରୋଧରେ ଜରିମାନା ଲାଗୁ ହେବ। ଜିଲ୍ଲାର ବିଭିନ୍ନ ବିଭାଗରେ ଏହି ଆଇନ କାର୍ଯ୍ୟକାରୀ କରାଯାଉଛି।

ଲୋକସେବା ଅଧିକାର ଆଇନ ଅନୁଯାୟୀ ନିର୍ଦ୍ଧାରିତ ସମୟ ମଧ୍ୟରେ ସେବା ପ୍ରଦାନ ନକଲେ ସମ୍ପୃକ୍ତ ଅଧିକାରୀଙ୍କ ବିରୋଧରେ ଜରିମାନା ଲାଗୁ ହେବ। ଜିଲ୍ଲାର ବିଭିନ୍ନ ବିଭାଗରେ ଏହି ଆଇନ କାର୍ଯ୍ୟକାରୀ କରାଯାଉଛି।

ଲୋକସେବା ଅଧିକାର ଆଇନ ଅନୁଯାୟୀ ନିର୍ଦ୍ଧାରିତ ସମୟ ମଧ୍ୟରେ ସେବା ପ୍ରଦାନ ନକଲେ ସମ୍ପୃକ୍ତ ଅଧିକାରୀଙ୍କ ବିରୋଧରେ ଜରିମାନା ଲାଗୁ ହେବ। ଜିଲ୍ଲାର ବିଭିନ୍ନ ବିଭାଗରେ ଏହି ଆଇନ କାର୍ଯ୍ୟକାରୀ କରାଯାଉଛି।

ଲୋକସେବା ଅଧିକାର ଆଇନ ଅନୁଯାୟୀ ନିର୍ଦ୍ଧାରିତ ସମୟ ମଧ୍ୟରେ ସେବା ପ୍ରଦାନ ନକଲେ ସମ୍ପୃକ୍ତ ଅଧିକାରୀଙ୍କ ବିରୋଧରେ ଜରିମାନା ଲାଗୁ ହେବ। ଜିଲ୍ଲାର ବିଭିନ୍ନ ବିଭାଗରେ ଏହି ଆଇନ କାର୍ଯ୍ୟକାରୀ କରାଯାଉଛି।

ଲୋକସେବା ଅଧିକାର ଆଇନ ଅନୁଯାୟୀ ନିର୍ଦ୍ଧାରିତ ସମୟ ମଧ୍ୟରେ ସେବା ପ୍ରଦାନ ନକଲେ ସମ୍ପୃକ୍ତ ଅଧିକାରୀଙ୍କ ବିରୋଧରେ ଜରିମାନା ଲାଗୁ ହେବ। ଜିଲ୍ଲାର ବିଭିନ୍ନ ବିଭାଗରେ ଏହି ଆଇନ କାର୍ଯ୍ୟକାରୀ କରାଯାଉଛି।

National Highways Authority of India
(Ministry of Road Transport & Highways)
SHORT QUOTATION CALL NOTICE
The PIU, NHAI, Bhubaneswar hereby invites short quotation from experienced firms/ organizations/ individuals to offer their quotation for the work "Road Maintenance & Incident Management of Bhubaneswar-Sunakhala Section from Km.285.338 to Km.363.464 of NH-5 for two (2) months at an estimated cost of Rs.15.50 lakhs. Detailed bid notice can be downloaded from NHAI's Website: www.nhai.org. Addendums/ Corrigendum, if any, would be hoisted on the website only. Address for communication: PD, NHAI, 1st Floor, Setu Bhavan, Nayapalli, Bhubaneswar-751012, Tel. No.(0674) 2392720, 2392730, Fax No. (0674) 2392740, E-mail: bhu@nhai.org
Sd/- Project Director
ODISHA TRIBAL EMPOWERMENT & LIVELIHOODS PROGRAMME
Programme Support Unit (ST & SC Development Department) 2nd floor, TDCCOL Building, Rupali Square, Bhubaneswar-751022
EMPANELMENT OF PROGRAMME COORDINATOR FOR OTELP DISTRICTS
Programme Director, OTELP invites applications from eligible candidates for empanelment as Programme Coordinator for OTELP districts to be purely engaged on contract basis. Application form along with the details of post can be downloaded from the website i.e. www.otelp.org. Last date of receipt of applications is 19th January, 2013 at 5.00 pm.
Programme Director
ODISHA TRIBAL EMPOWERMENT & LIVELIHOODS PROGRAMME
Programme Support Unit (ST & SC Development Department) 2nd floor, TDCCOL Building, Rupali Square, Bhubaneswar-751022
REQUEST FOR PROPOSAL (REP) FOR EMPANELMENT OF FIRMS/AGENCIES FOR DIGITIZATION OF CADASTRAL SHEETS AND CREATION OF SPATIAL DATABASE FOR MICRO WATERSHEDS
1. Programme Director, OTELP invites proposals for empanelment of firms/agencies for digitization of cadastral sheets and creation of spatial database for micro watershed level planning & monitoring of OTELP phase I and OTELP Plus villages.
2. Complete Terms of Reference (ToR) is available at the website www.otelp.org.
3. Interested firms may apply in sealed covers by Regd. Post/Speed Post/Courier service, so as to reach the above office by 5.00 pm of 17th January, 2013.
Programme Director
OFFICE OF THE COLLECTOR & DISTRICT MAGISTRATE, CUTTACK
(SOCIAL WELFARE SECTION)
No. : 05/SW	Date : 02.01.13
Application in the prescribed forms are invited from the residents of Cuttack District for selection/recruitment to the post of SEO/LSEO in Cuttack District.
1. No. of Vacancies likely to be filled up : 03
ST	:	01
UR	:	01
SEBC	:	01
TOTAL :03
2. The vacant post is purely temporary on contractual basis with consolidated pay Rs.9,300/- per month and can be terminated at any time without assigning any reason thereof.
3. Eligibility :
i. He/She must be a citizen of India.
ii. He/She must be a resident of Cuttack District.
iii. He/She must be between 21-32 years of age as on 01.01.2012. The maximum upper age limit shall be relaxed by 5 years in case of candidates belonging to the STs and SEBC and Women, by 10 years in case of Physical Handicapped person and age relaxation as admissible to Sports Person/Ex-servicemen person shall be given.
iv. He/She must be of good character and shall furnish the copy of character/conduct certificate granted by the Head of the Institution in which He/She last studied.
v. He/She must not have more than one spouse living.
vi. He/She must be able to speak, read and write oriya and must have passed the HSC Exam or equivalent with Oriya as principal subject or passed Oriya test equivalent to ME School standard conducted by the education Department of Government of Orissa.
vii. He/She must have registered his/her name in the local Employment Exchange of Cuttack District and the registration must be valid upto the date of application.
viii. The candidate must be a Graduate with B.A./ B.Sc./B.Com from any recognized University.
ix. He/She shall be selected on the basis of percentage of marks secured in HSC or equivalent Examination, Higher Secondary or Equivalent Examination and in the Degree Examination.
x. Application must be accompanied with a Bank Draft of Rs.50/- drawn in favour of DSWO, Cuttack payable at S.B.I., Cuttack. Applicants of SC/ST category are exempted from the fee subject to submission of relevant documentary evidence (Caste Certificate) duly issued by the competent authority.
4. Documents to be enclosed with application : The application forms should be filled in by the candidates in his/her own handwriting and the following documents should be firmly enclosed with application, otherwise the same will be rejected. Attested Xerox copies of (a) Academic qualification certificate, (b) Marks of examinations, (c) Caste Certificate from the competent authority in case of SC/ST candidates (from Tahasildar/Sub-Collector/ADM/Collector), (d) Certificate in support of physically handicapped/Ex-Servicemen/Sportsmen duly granted by the competent authority, (e) Employment Registration Card having validity, (f) Character Certificate of Head of the Institution last studied, (g) Xerox copy of recently acquired residential certificate of Cuttack District for service issued by Tahasildars of Cuttack District, (h) Recent passport size photograph duly attested by Gazetted Officer, (i) Self addressed envelope affixing requisite postal stamps.
5. The application completed in all respect be sent to the District Social Welfare Office, Cuttack, so as to reach on or before 17.01.2013.
6. The undersigned reserves the right for rejection of application (any or all) and cancellation of advertisement without assigning any reason thereof.
Sd/- Collector & District Magistrate Cuttack
APPLICATION FOR THE POST OF SOCIAL EDUCATION ORGANISER/LADY SOCIAL EDUCATION ORGANISER ON CONTRACTUAL BASIS IN CUTTACK DISTRICT
1. Name of the Applicant (in capital letter)
2. Date of Birth
3. District of Domicile
4. Sex
5. Please mention if SC/ST
6. Marital Status
7. Present Contact Address
At :
P.O. :
Dist. :
PIN :
Contact No. :
8. Educational Qualification-High School onwards, please list your qualification
Examination	Board/ University	Year	Full Marks	Marks Secured	% of Marks
Matriculation					
+2 (Arts/ Science/ Commerce)					
+3 (Arts/ Science/ Commerce)					
Other					
Date :
Place :	Signature of the candidate
Note :
1. One recent Passport size attested photograph to be affixed in the application.
2. The following attested documents are to be attached along with the application : a) Residential Certificate recently issued by Tahasildars for Service purpose. b) Attested photocopies of all mark sheets/ certificates in proof of the claim made by the candidate relating to his educational qualification. c) Caste certificate in case of ST/SC from competent authority. d) Employment Registration Card having validity. e) One self-addressed envelope affixing requisite postal stamp. f) Character Certificate from the Head of the Institution last studied. g) Any other certificate/document as required in the Advertisement.
07
